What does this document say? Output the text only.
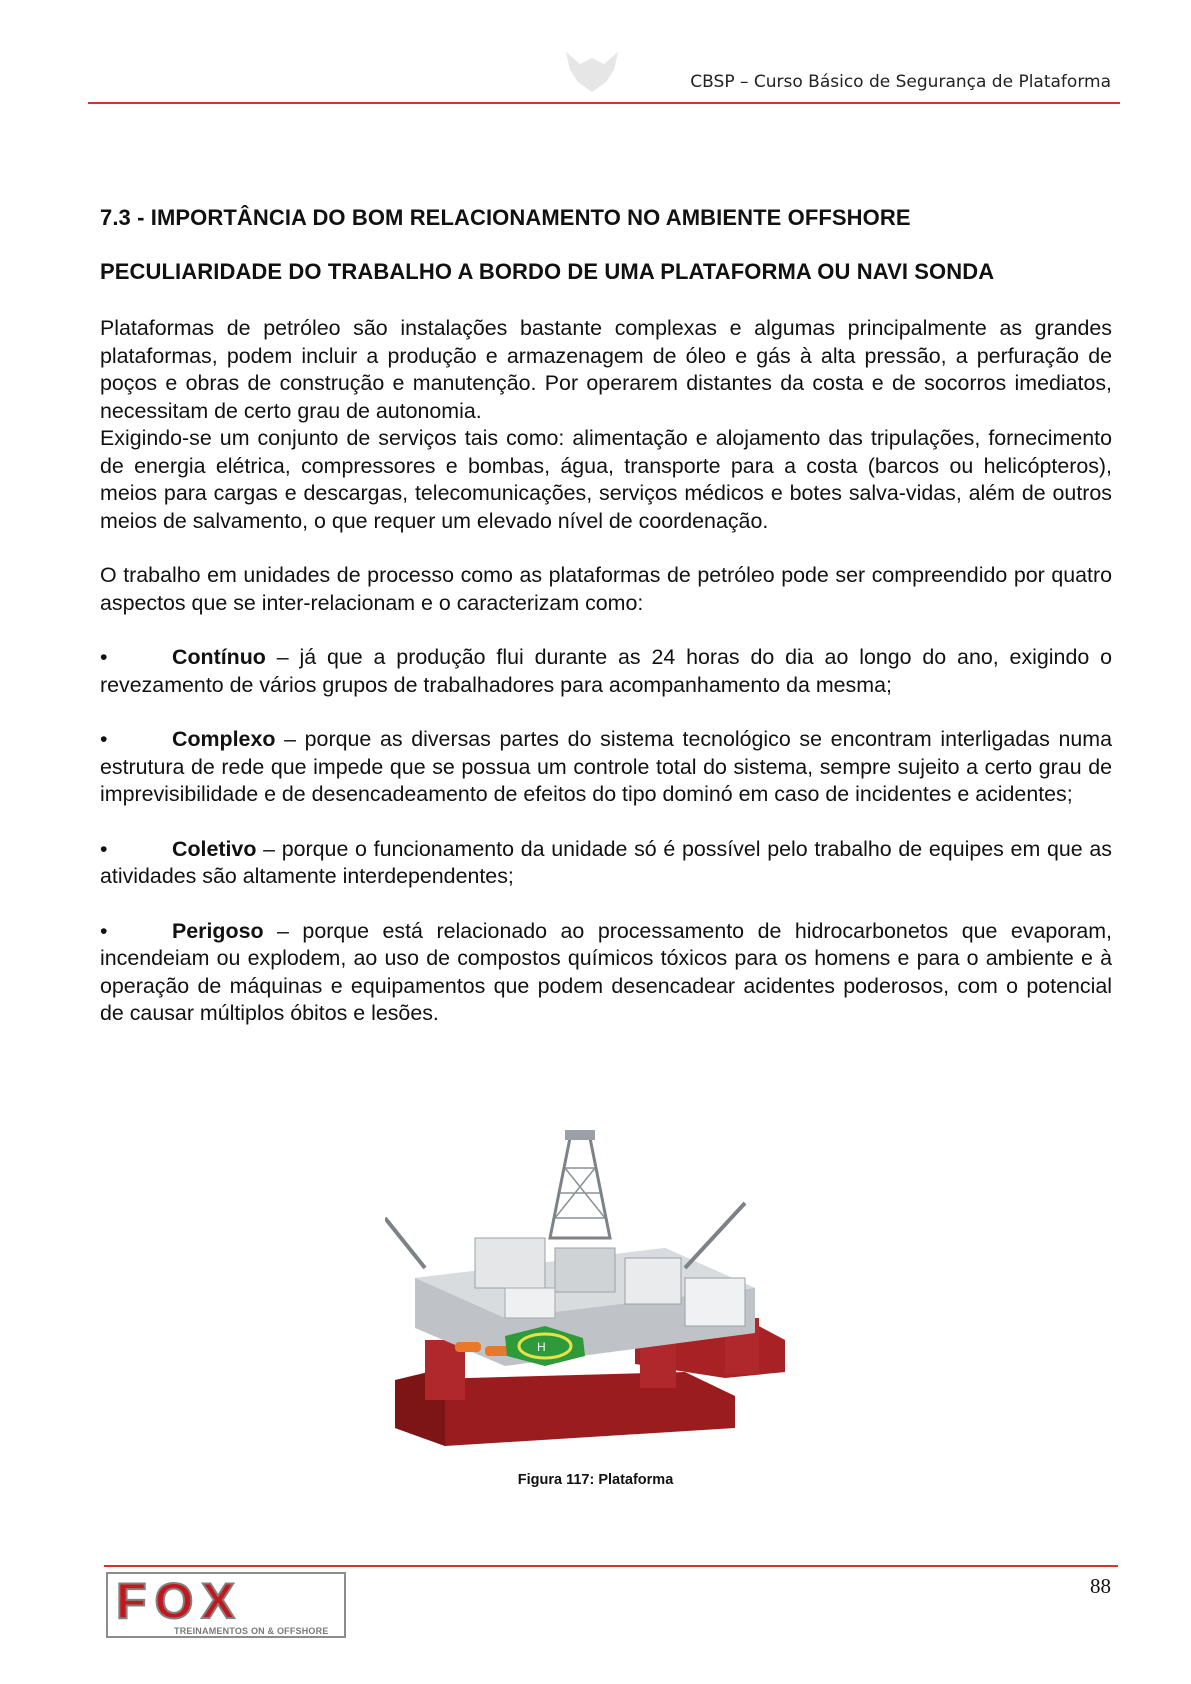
CBSP – Curso Básico de Segurança de Plataforma
7.3 - IMPORTÂNCIA DO BOM RELACIONAMENTO NO AMBIENTE OFFSHORE
PECULIARIDADE DO TRABALHO A BORDO DE UMA PLATAFORMA OU NAVI SONDA

Plataformas de petróleo são instalações bastante complexas e algumas principalmente as grandes plataformas, podem incluir a produção e armazenagem de óleo e gás à alta pressão, a perfuração de poços e obras de construção e manutenção. Por operarem distantes da costa e de socorros imediatos, necessitam de certo grau de autonomia.

Exigindo-se um conjunto de serviços tais como: alimentação e alojamento das tripulações, fornecimento de energia elétrica, compressores e bombas, água, transporte para a costa (barcos ou helicópteros), meios para cargas e descargas, telecomunicações, serviços médicos e botes salva-vidas, além de outros meios de salvamento, o que requer um elevado nível de coordenação.

O trabalho em unidades de processo como as plataformas de petróleo pode ser compreendido por quatro aspectos que se inter-relacionam e o caracterizam como:

•	Contínuo – já que a produção flui durante as 24 horas do dia ao longo do ano, exigindo o revezamento de vários grupos de trabalhadores para acompanhamento da mesma;
•	Complexo – porque as diversas partes do sistema tecnológico se encontram interligadas numa estrutura de rede que impede que se possua um controle total do sistema, sempre sujeito a certo grau de imprevisibilidade e de desencadeamento de efeitos do tipo dominó em caso de incidentes e acidentes;
•	Coletivo – porque o funcionamento da unidade só é possível pelo trabalho de equipes em que as atividades são altamente interdependentes;
•	Perigoso – porque está relacionado ao processamento de hidrocarbonetos que evaporam, incendeiam ou explodem, ao uso de compostos químicos tóxicos para os homens e para o ambiente e à operação de máquinas e equipamentos que podem desencadear acidentes poderosos, com o potencial de causar múltiplos óbitos e lesões.
H
Figura 117: Plataforma
88
FOX
TREINAMENTOS ON & OFFSHORE
